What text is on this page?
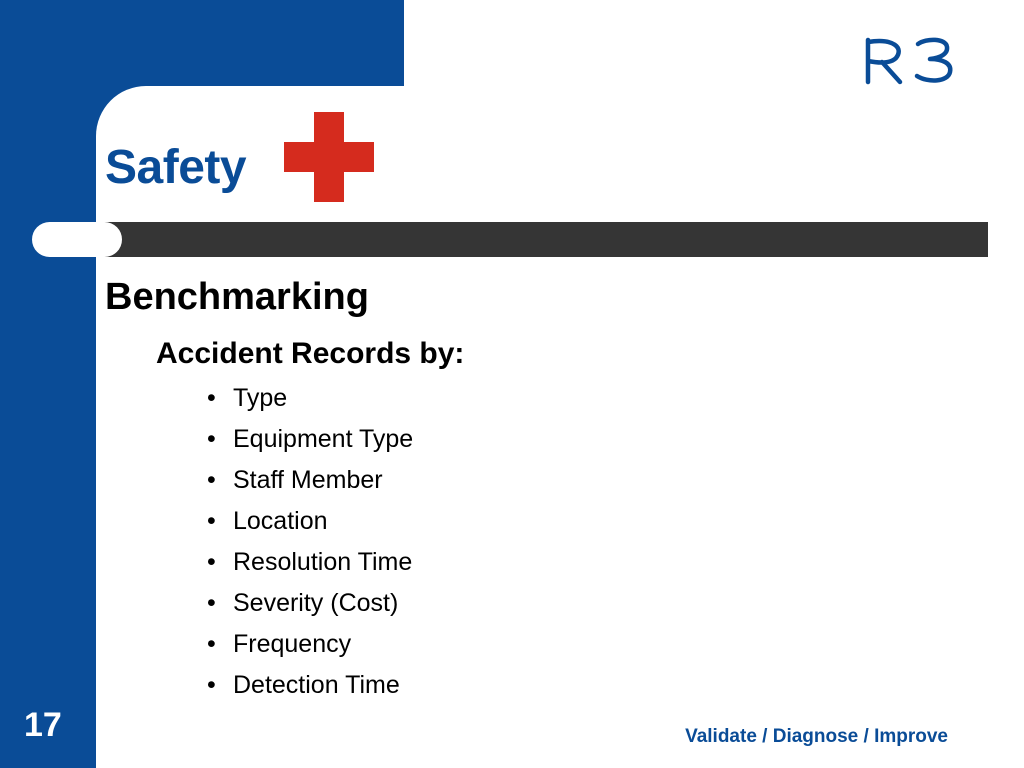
Safety
Benchmarking
Accident Records by:
• Type
• Equipment Type
• Staff Member
• Location
• Resolution Time
• Severity (Cost)
• Frequency
• Detection Time
17	Validate / Diagnose / Improve
